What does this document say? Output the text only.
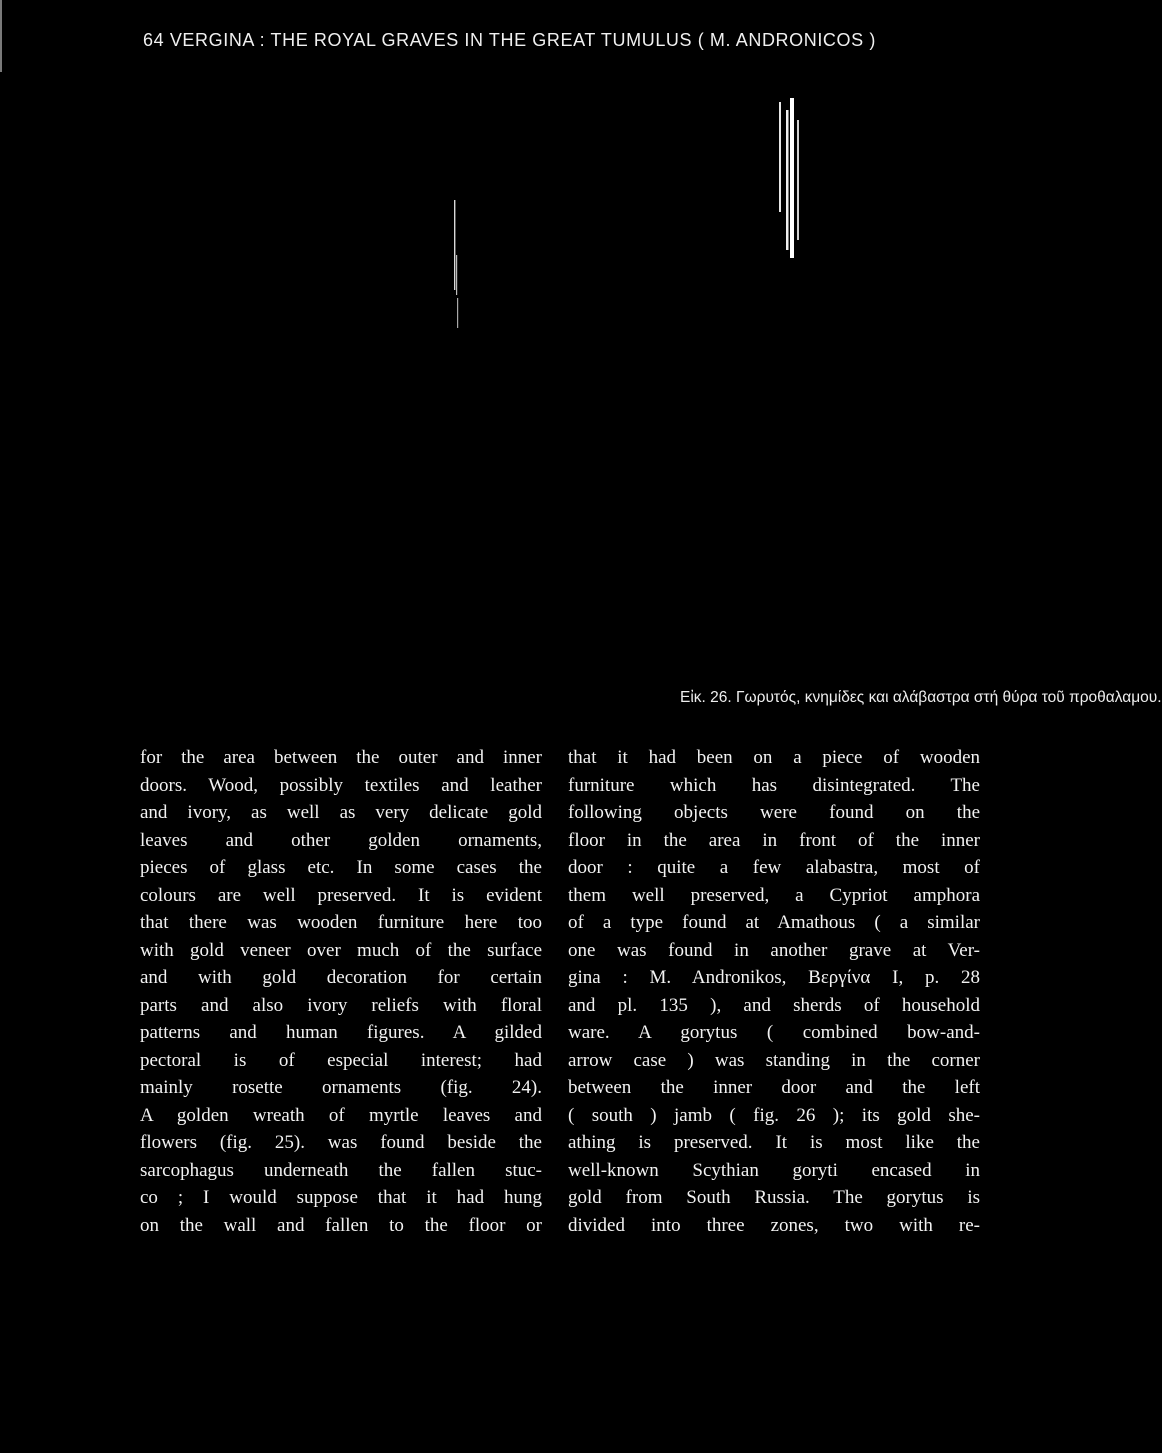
64 VERGINA : THE ROYAL GRAVES IN THE GREAT TUMULUS ( M. ANDRONICOS )
Εἰκ. 26. Γωρυτός, κνημίδες και αλάβαστρα στή θύρα τοῦ προθαλαμου.
for the area between the outer and inner
doors. Wood, possibly textiles and leather
and ivory, as well as very delicate gold
leaves and other golden ornaments,
pieces of glass etc. In some cases the
colours are well preserved. It is evident
that there was wooden furniture here too
with gold veneer over much of the surface
and with gold decoration for certain
parts and also ivory reliefs with floral
patterns and human figures. A gilded
pectoral is of especial interest; had
mainly rosette ornaments (fig. 24).
A golden wreath of myrtle leaves and
flowers (fig. 25). was found beside the
sarcophagus underneath the fallen stuc-
co ; I would suppose that it had hung
on the wall and fallen to the floor or
that it had been on a piece of wooden
furniture which has disintegrated. The
following objects were found on the
floor in the area in front of the inner
door : quite a few alabastra, most of
them well preserved, a Cypriot amphora
of a type found at Amathous ( a similar
one was found in another grave at Ver-
gina : M. Andronikos, Βεργίνα I, p. 28
and pl. 135 ), and sherds of household
ware. A gorytus ( combined bow-and-
arrow case ) was standing in the corner
between the inner door and the left
( south ) jamb ( fig. 26 ); its gold she-
athing is preserved. It is most like the
well-known Scythian goryti encased in
gold from South Russia. The gorytus is
divided into three zones, two with re-
